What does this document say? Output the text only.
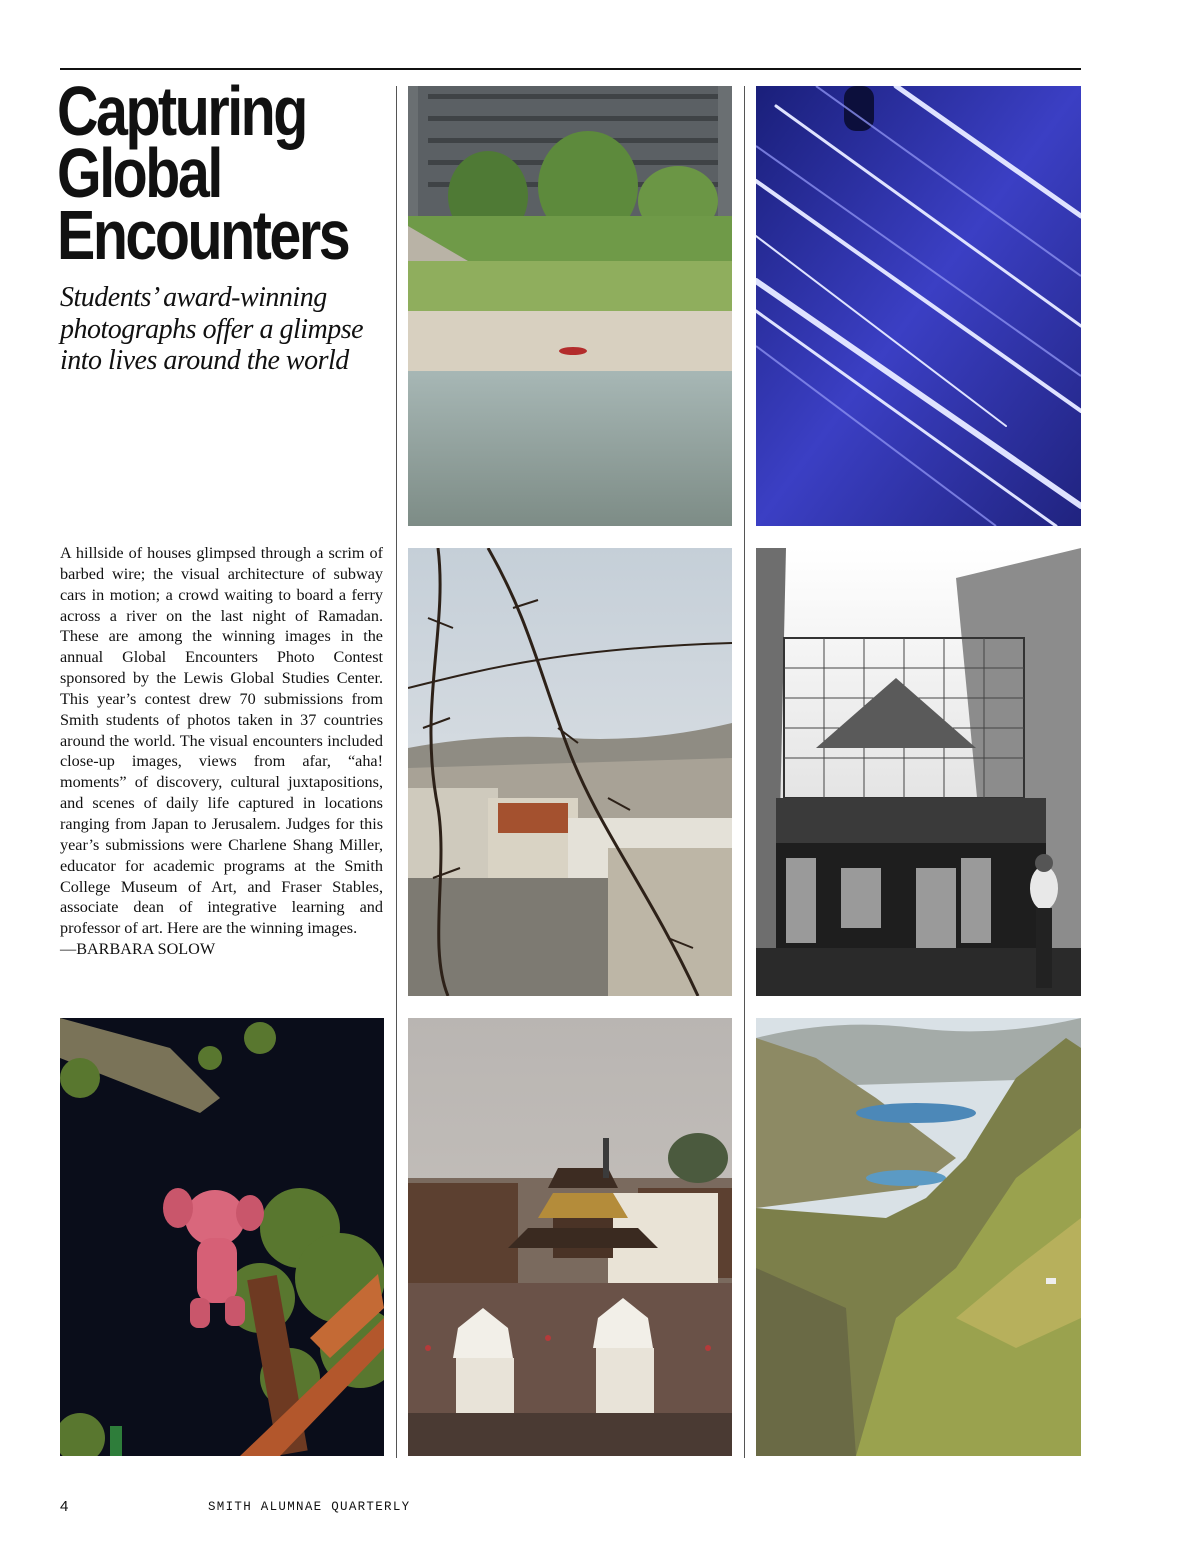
Capturing
Global
Encounters

Students’ award-winning
photographs offer a glimpse
into lives around the world

A hillside of houses glimpsed through a scrim of barbed wire; the visual architecture of subway cars in motion; a crowd waiting to board a ferry across a river on the last night of Ramadan. These are among the winning images in the annual Global Encounters Photo Contest sponsored by the Lewis Global Studies Center. This year’s contest drew 70 submissions from Smith students of photos taken in 37 countries around the world. The visual encounters included close-up images, views from afar, “aha! moments” of discovery, cultural juxtapositions, and scenes of daily life captured in locations ranging from Japan to Jerusalem. Judges for this year’s submissions were Charlene Shang Miller, educator for academic programs at the Smith College Museum of Art, and Fraser Stables, associate dean of integrative learning and professor of art. Here are the winning images.
—BARBARA SOLOW

4	SMITH ALUMNAE QUARTERLY
